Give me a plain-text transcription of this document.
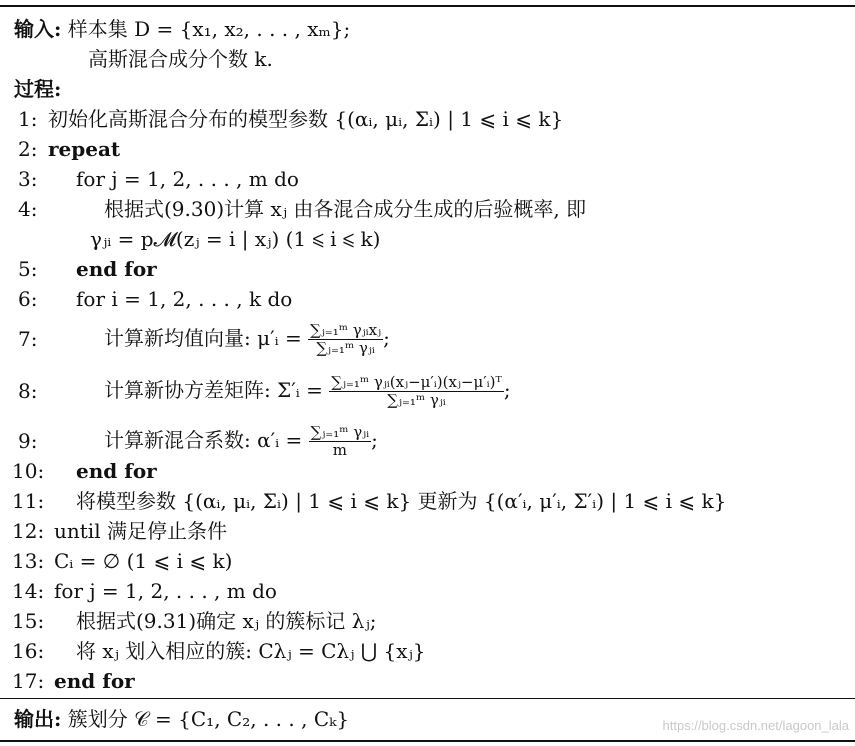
输入: 样本集 D = {x₁, x₂, . . . , xₘ};
高斯混合成分个数 k.
过程:
1: 初始化高斯混合分布的模型参数 {(αᵢ, μᵢ, Σᵢ) | 1 ⩽ i ⩽ k}
2: repeat
3:	for j = 1, 2, . . . , m do
4:	根据式(9.30)计算 xⱼ 由各混合成分生成的后验概率, 即
γⱼᵢ = p𝓜(zⱼ = i | xⱼ) (1 ⩽ i ⩽ k)
5:	end for
6:	for i = 1, 2, . . . , k do
7:	计算新均值向量: μ′ᵢ = $\frac{\text{∑ⱼ₌₁ᵐ γⱼᵢxⱼ}}{\text{∑ⱼ₌₁ᵐ γⱼᵢ}}$ ;
8:	计算新协方差矩阵: Σ′ᵢ = $\frac{\text{∑ⱼ₌₁ᵐ γⱼᵢ(xⱼ−μ′ᵢ)(xⱼ−μ′ᵢ)ᵀ}}{\text{∑ⱼ₌₁ᵐ γⱼᵢ}}$ ;
9:	计算新混合系数: α′ᵢ = $\frac{\text{∑ⱼ₌₁ᵐ γⱼᵢ}}{m}$ ;
10:	end for
11:	将模型参数 {(αᵢ, μᵢ, Σᵢ) | 1 ⩽ i ⩽ k} 更新为 {(α′ᵢ, μ′ᵢ, Σ′ᵢ) | 1 ⩽ i ⩽ k}
12: until 满足停止条件
13: Cᵢ = ∅ (1 ⩽ i ⩽ k)
14: for j = 1, 2, . . . , m do
15:	根据式(9.31)确定 xⱼ 的簇标记 λⱼ;
16:	将 xⱼ 划入相应的簇: Cλⱼ = Cλⱼ ⋃ {xⱼ}
17: end for
输出: 簇划分 𝒞 = {C₁, C₂, . . . , Cₖ}	https://blog.csdn.net/lagoon_lala
